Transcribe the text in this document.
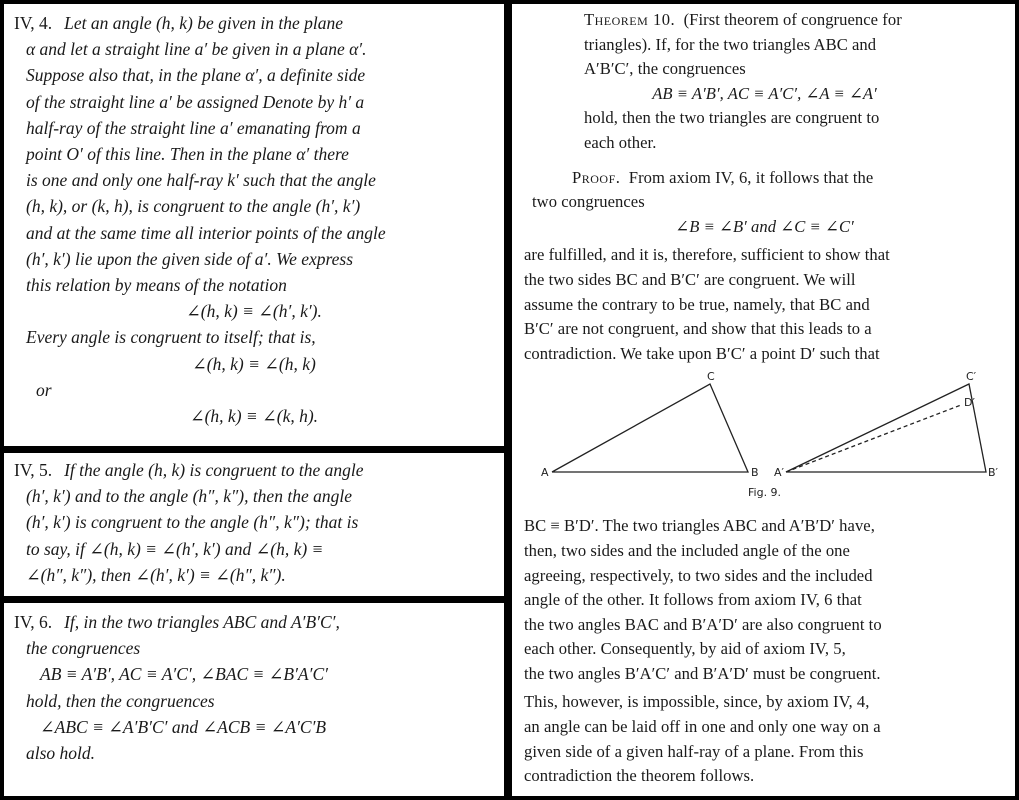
IV, 4. Let an angle (h, k) be given in the plane
α and let a straight line a′ be given in a plane α′.
Suppose also that, in the plane α′, a definite side
of the straight line a′ be assigned Denote by h′ a
half-ray of the straight line a′ emanating from a
point O′ of this line. Then in the plane α′ there
is one and only one half-ray k′ such that the angle
(h, k), or (k, h), is congruent to the angle (h′, k′)
and at the same time all interior points of the angle
(h′, k′) lie upon the given side of a′. We express
this relation by means of the notation
∠(h, k) ≡ ∠(h′, k′).
Every angle is congruent to itself; that is,
∠(h, k) ≡ ∠(h, k)
or
∠(h, k) ≡ ∠(k, h).
IV, 5. If the angle (h, k) is congruent to the angle
(h′, k′) and to the angle (h″, k″), then the angle
(h′, k′) is congruent to the angle (h″, k″); that is
to say, if ∠(h, k) ≡ ∠(h′, k′) and ∠(h, k) ≡
∠(h″, k″), then ∠(h′, k′) ≡ ∠(h″, k″).
IV, 6. If, in the two triangles ABC and A′B′C′,
the congruences
AB ≡ A′B′, AC ≡ A′C′, ∠BAC ≡ ∠B′A′C′
hold, then the congruences
∠ABC ≡ ∠A′B′C′ and ∠ACB ≡ ∠A′C′B
also hold.
Theorem 10. (First theorem of congruence for
triangles). If, for the two triangles ABC and
A′B′C′, the congruences
AB ≡ A′B′, AC ≡ A′C′, ∠A ≡ ∠A′
hold, then the two triangles are congruent to
each other.
Proof. From axiom IV, 6, it follows that the
two congruences
∠B ≡ ∠B′ and ∠C ≡ ∠C′
are fulfilled, and it is, therefore, sufficient to show that
the two sides BC and B′C′ are congruent. We will
assume the contrary to be true, namely, that BC and
B′C′ are not congruent, and show that this leads to a
contradiction. We take upon B′C′ a point D′ such that
A	B
C
A′	B′
C′
D′
Fig. 9.
BC ≡ B′D′. The two triangles ABC and A′B′D′ have,
then, two sides and the included angle of the one
agreeing, respectively, to two sides and the included
angle of the other. It follows from axiom IV, 6 that
the two angles BAC and B′A′D′ are also congruent to
each other. Consequently, by aid of axiom IV, 5,
the two angles B′A′C′ and B′A′D′ must be congruent.
This, however, is impossible, since, by axiom IV, 4,
an angle can be laid off in one and only one way on a
given side of a given half-ray of a plane. From this
contradiction the theorem follows.
